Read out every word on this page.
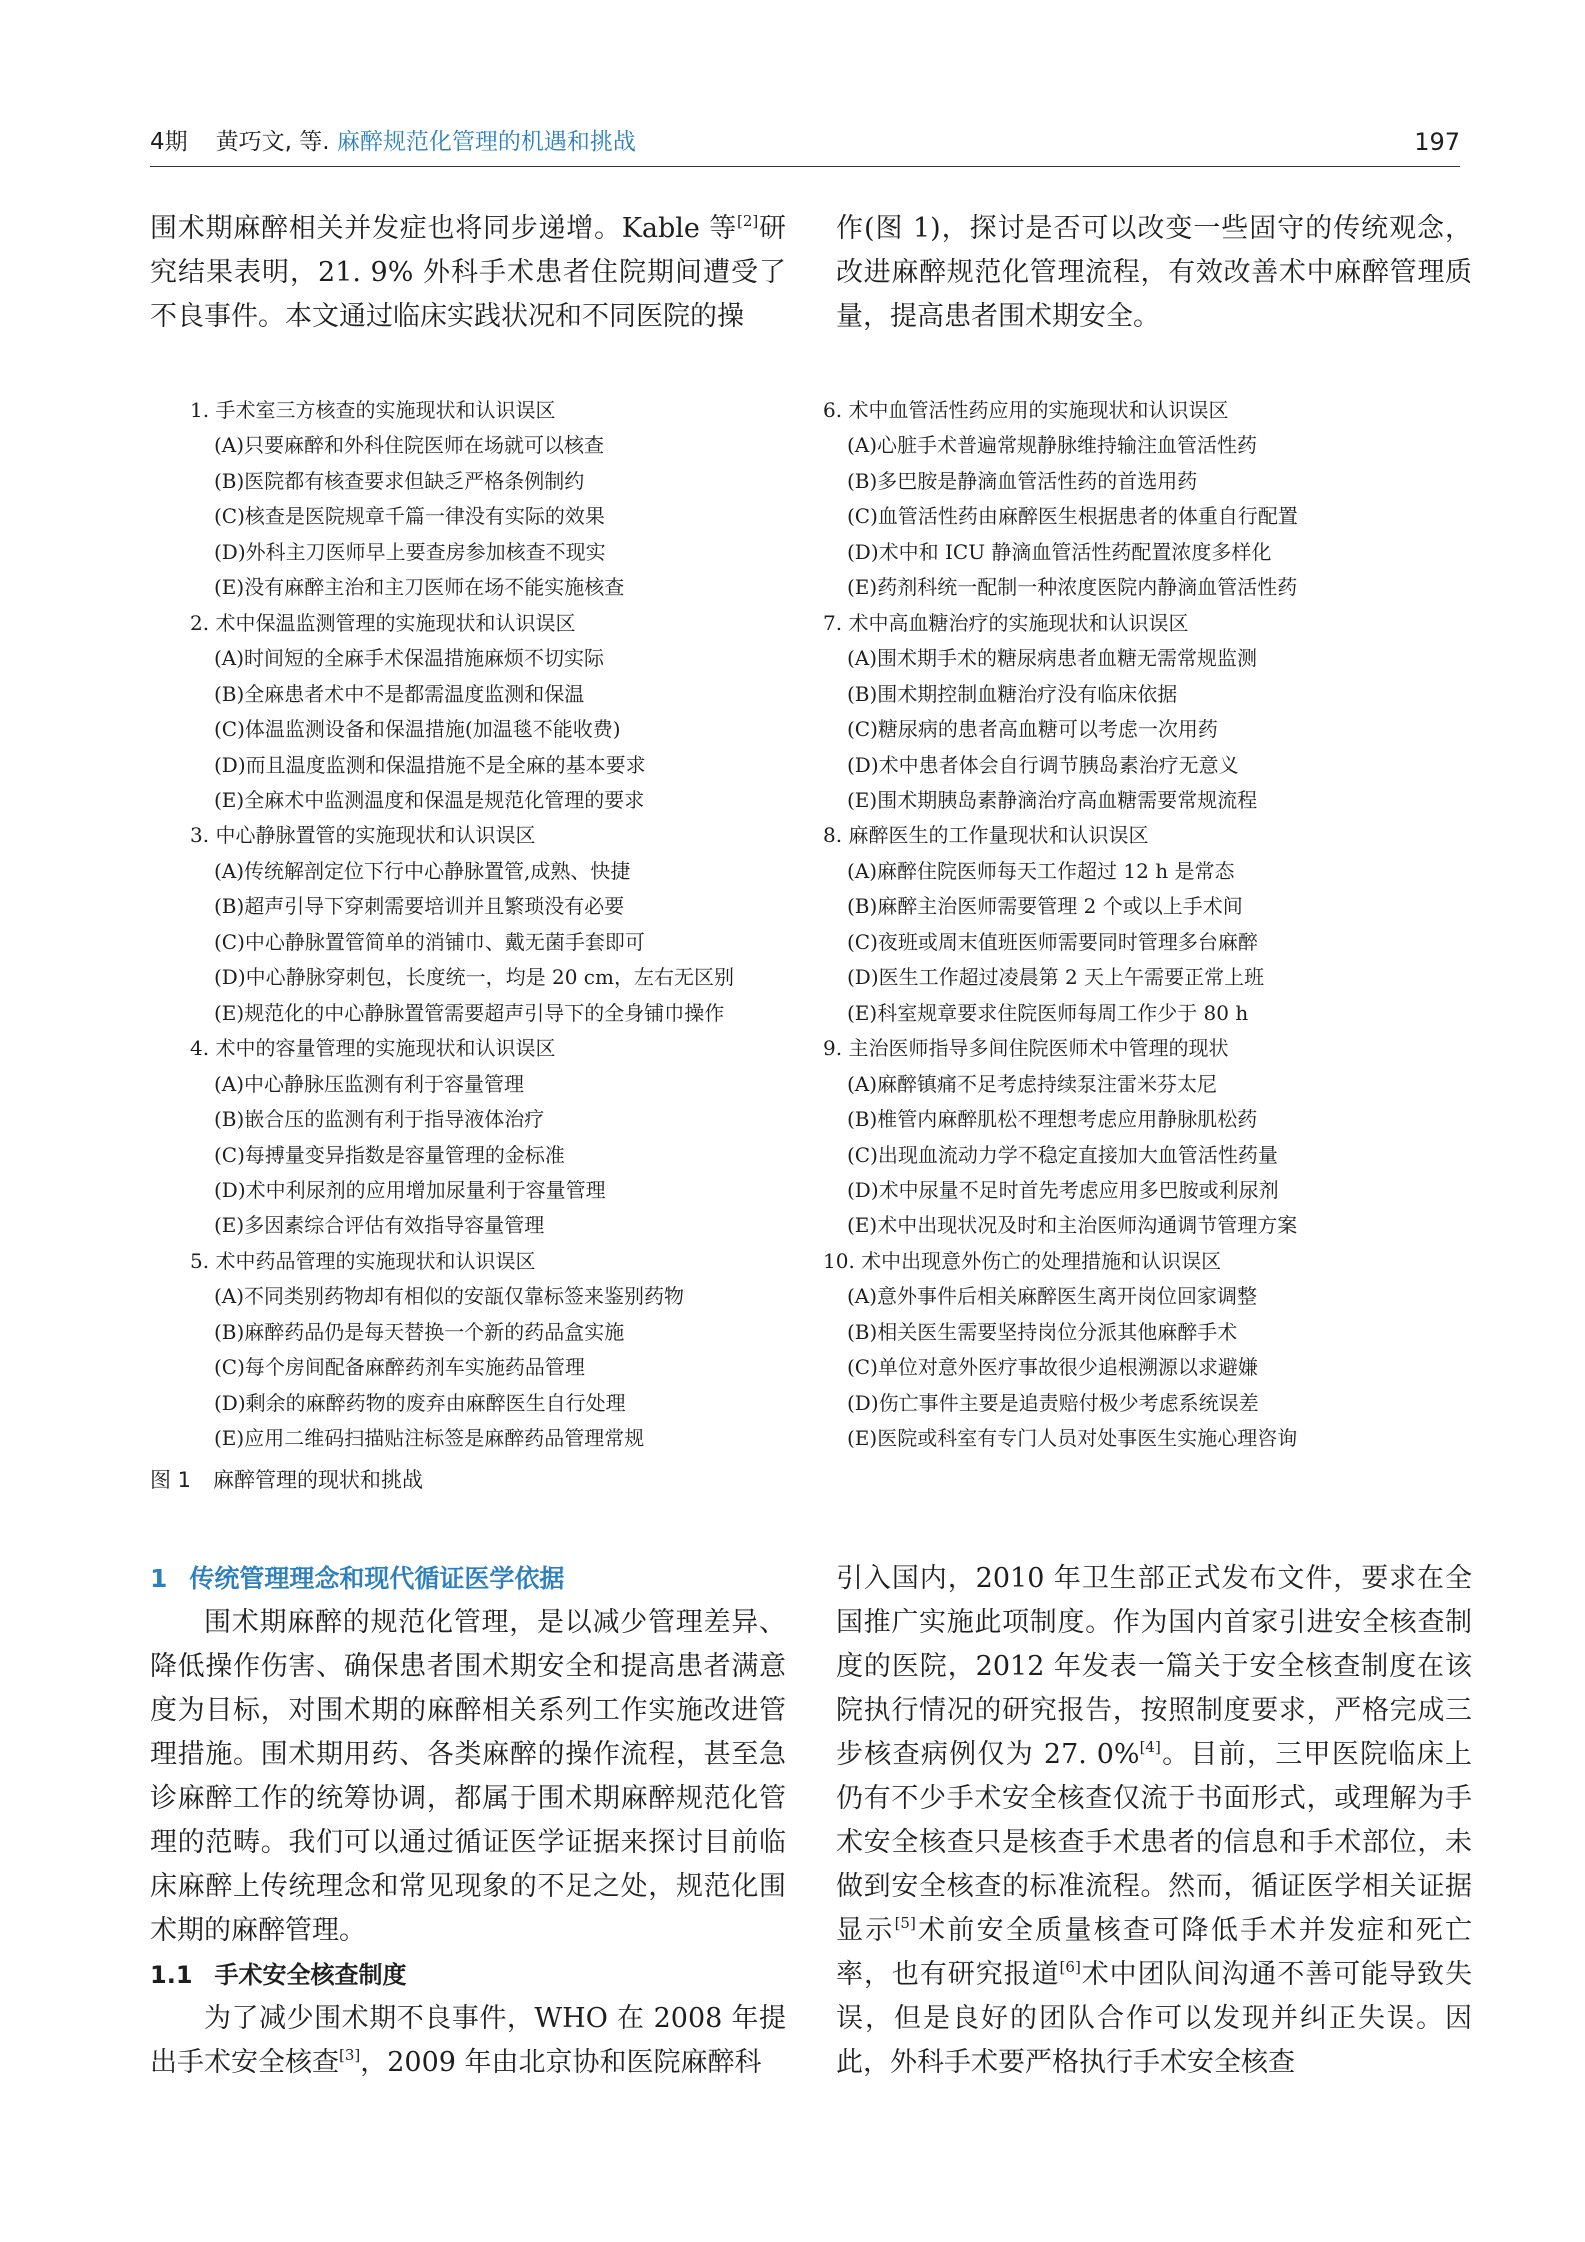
4期 黄巧文, 等. 麻醉规范化管理的机遇和挑战	197

围术期麻醉相关并发症也将同步递增。Kable 等[2]研究结果表明，21. 9% 外科手术患者住院期间遭受了不良事件。本文通过临床实践状况和不同医院的操

作(图 1)，探讨是否可以改变一些固守的传统观念，改进麻醉规范化管理流程，有效改善术中麻醉管理质量，提高患者围术期安全。

1. 手术室三方核查的实施现状和认识误区
(A)只要麻醉和外科住院医师在场就可以核查
(B)医院都有核查要求但缺乏严格条例制约
(C)核查是医院规章千篇一律没有实际的效果
(D)外科主刀医师早上要查房参加核查不现实
(E)没有麻醉主治和主刀医师在场不能实施核查
2. 术中保温监测管理的实施现状和认识误区
(A)时间短的全麻手术保温措施麻烦不切实际
(B)全麻患者术中不是都需温度监测和保温
(C)体温监测设备和保温措施(加温毯不能收费)
(D)而且温度监测和保温措施不是全麻的基本要求
(E)全麻术中监测温度和保温是规范化管理的要求
3. 中心静脉置管的实施现状和认识误区
(A)传统解剖定位下行中心静脉置管,成熟、快捷
(B)超声引导下穿刺需要培训并且繁琐没有必要
(C)中心静脉置管简单的消铺巾、戴无菌手套即可
(D)中心静脉穿刺包，长度统一，均是 20 cm，左右无区别
(E)规范化的中心静脉置管需要超声引导下的全身铺巾操作
4. 术中的容量管理的实施现状和认识误区
(A)中心静脉压监测有利于容量管理
(B)嵌合压的监测有利于指导液体治疗
(C)每搏量变异指数是容量管理的金标准
(D)术中利尿剂的应用增加尿量利于容量管理
(E)多因素综合评估有效指导容量管理
5. 术中药品管理的实施现状和认识误区
(A)不同类别药物却有相似的安瓿仅靠标签来鉴别药物
(B)麻醉药品仍是每天替换一个新的药品盒实施
(C)每个房间配备麻醉药剂车实施药品管理
(D)剩余的麻醉药物的废弃由麻醉医生自行处理
(E)应用二维码扫描贴注标签是麻醉药品管理常规
6. 术中血管活性药应用的实施现状和认识误区
(A)心脏手术普遍常规静脉维持输注血管活性药
(B)多巴胺是静滴血管活性药的首选用药
(C)血管活性药由麻醉医生根据患者的体重自行配置
(D)术中和 ICU 静滴血管活性药配置浓度多样化
(E)药剂科统一配制一种浓度医院内静滴血管活性药
7. 术中高血糖治疗的实施现状和认识误区
(A)围术期手术的糖尿病患者血糖无需常规监测
(B)围术期控制血糖治疗没有临床依据
(C)糖尿病的患者高血糖可以考虑一次用药
(D)术中患者体会自行调节胰岛素治疗无意义
(E)围术期胰岛素静滴治疗高血糖需要常规流程
8. 麻醉医生的工作量现状和认识误区
(A)麻醉住院医师每天工作超过 12 h 是常态
(B)麻醉主治医师需要管理 2 个或以上手术间
(C)夜班或周末值班医师需要同时管理多台麻醉
(D)医生工作超过凌晨第 2 天上午需要正常上班
(E)科室规章要求住院医师每周工作少于 80 h
9. 主治医师指导多间住院医师术中管理的现状
(A)麻醉镇痛不足考虑持续泵注雷米芬太尼
(B)椎管内麻醉肌松不理想考虑应用静脉肌松药
(C)出现血流动力学不稳定直接加大血管活性药量
(D)术中尿量不足时首先考虑应用多巴胺或利尿剂
(E)术中出现状况及时和主治医师沟通调节管理方案
10. 术中出现意外伤亡的处理措施和认识误区
(A)意外事件后相关麻醉医生离开岗位回家调整
(B)相关医生需要坚持岗位分派其他麻醉手术
(C)单位对意外医疗事故很少追根溯源以求避嫌
(D)伤亡事件主要是追责赔付极少考虑系统误差
(E)医院或科室有专门人员对处事医生实施心理咨询
图 1 麻醉管理的现状和挑战
1 传统管理理念和现代循证医学依据

围术期麻醉的规范化管理，是以减少管理差异、降低操作伤害、确保患者围术期安全和提高患者满意度为目标，对围术期的麻醉相关系列工作实施改进管理措施。围术期用药、各类麻醉的操作流程，甚至急诊麻醉工作的统筹协调，都属于围术期麻醉规范化管理的范畴。我们可以通过循证医学证据来探讨目前临床麻醉上传统理念和常见现象的不足之处，规范化围术期的麻醉管理。

1.1 手术安全核查制度

为了减少围术期不良事件，WHO 在 2008 年提出手术安全核查[3]，2009 年由北京协和医院麻醉科

引入国内，2010 年卫生部正式发布文件，要求在全国推广实施此项制度。作为国内首家引进安全核查制度的医院，2012 年发表一篇关于安全核查制度在该院执行情况的研究报告，按照制度要求，严格完成三步核查病例仅为 27. 0%[4]。目前，三甲医院临床上仍有不少手术安全核查仅流于书面形式，或理解为手术安全核查只是核查手术患者的信息和手术部位，未做到安全核查的标准流程。然而，循证医学相关证据显示[5]术前安全质量核查可降低手术并发症和死亡率，也有研究报道[6]术中团队间沟通不善可能导致失误，但是良好的团队合作可以发现并纠正失误。因此，外科手术要严格执行手术安全核查
